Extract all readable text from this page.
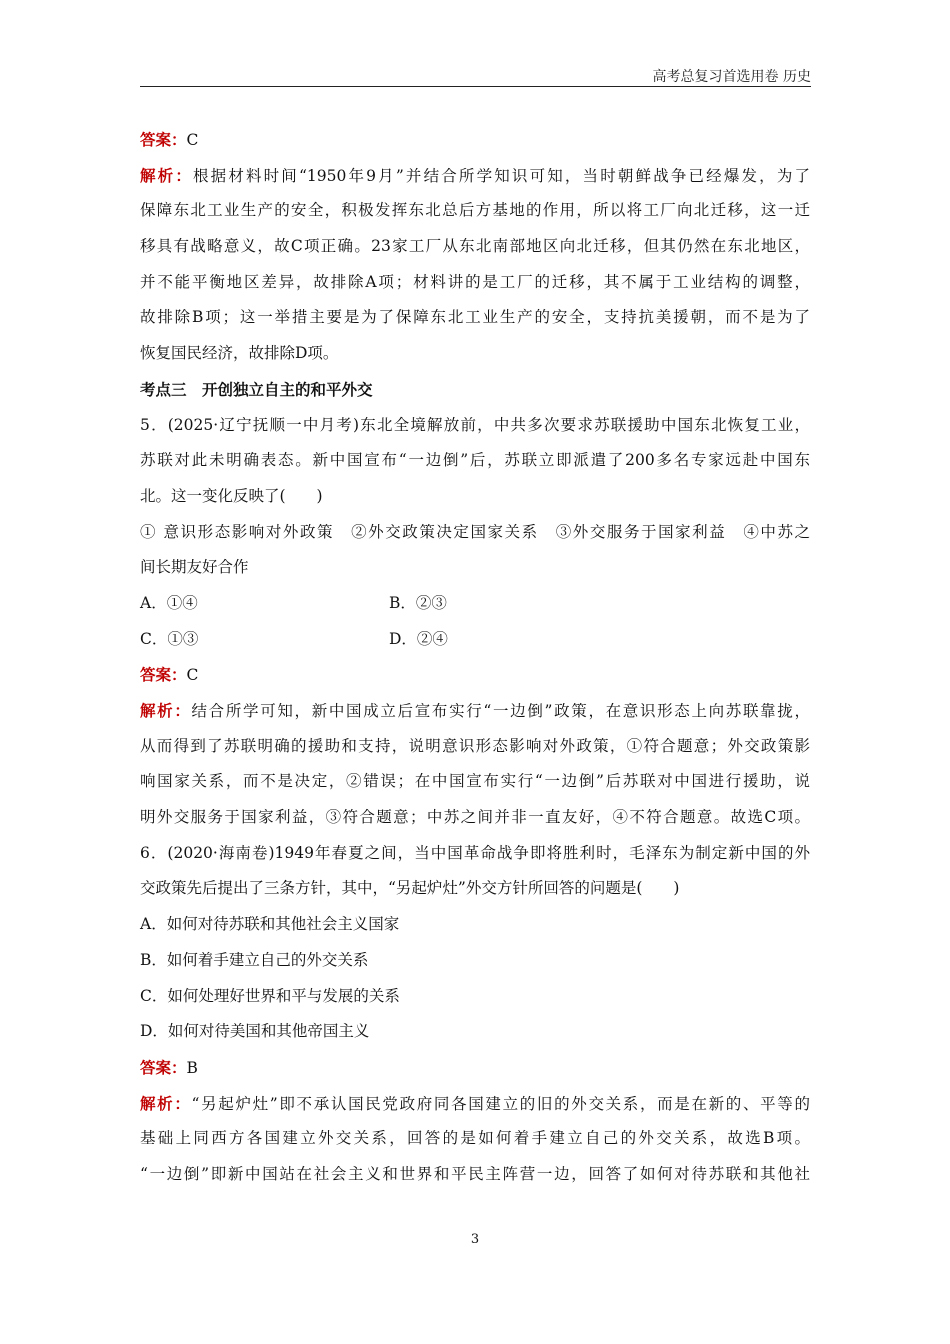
高考总复习首选用卷 历史
答案：C
解析：根据材料时间“1950年9月”并结合所学知识可知，当时朝鲜战争已经爆发，为了
保障东北工业生产的安全，积极发挥东北总后方基地的作用，所以将工厂向北迁移，这一迁
移具有战略意义，故C项正确。23家工厂从东北南部地区向北迁移，但其仍然在东北地区，
并不能平衡地区差异，故排除A项；材料讲的是工厂的迁移，其不属于工业结构的调整，
故排除B项；这一举措主要是为了保障东北工业生产的安全，支持抗美援朝，而不是为了
恢复国民经济，故排除D项。
考点三　开创独立自主的和平外交
5．(2025·辽宁抚顺一中月考)东北全境解放前，中共多次要求苏联援助中国东北恢复工业，
苏联对此未明确表态。新中国宣布“一边倒”后，苏联立即派遣了200多名专家远赴中国东
北。这一变化反映了(　　)
① 意识形态影响对外政策　②外交政策决定国家关系　③外交服务于国家利益　④中苏之
间长期友好合作
A．①④	B．②③
C．①③	D．②④
答案：C
解析：结合所学可知，新中国成立后宣布实行“一边倒”政策，在意识形态上向苏联靠拢，
从而得到了苏联明确的援助和支持，说明意识形态影响对外政策，①符合题意；外交政策影
响国家关系，而不是决定，②错误；在中国宣布实行“一边倒”后苏联对中国进行援助，说
明外交服务于国家利益，③符合题意；中苏之间并非一直友好，④不符合题意。故选C项。
6．(2020·海南卷)1949年春夏之间，当中国革命战争即将胜利时，毛泽东为制定新中国的外
交政策先后提出了三条方针，其中，“另起炉灶”外交方针所回答的问题是(　　)
A．如何对待苏联和其他社会主义国家
B．如何着手建立自己的外交关系
C．如何处理好世界和平与发展的关系
D．如何对待美国和其他帝国主义
答案：B
解析：“另起炉灶”即不承认国民党政府同各国建立的旧的外交关系，而是在新的、平等的
基础上同西方各国建立外交关系，回答的是如何着手建立自己的外交关系，故选B项。
“一边倒”即新中国站在社会主义和世界和平民主阵营一边，回答了如何对待苏联和其他社
3
